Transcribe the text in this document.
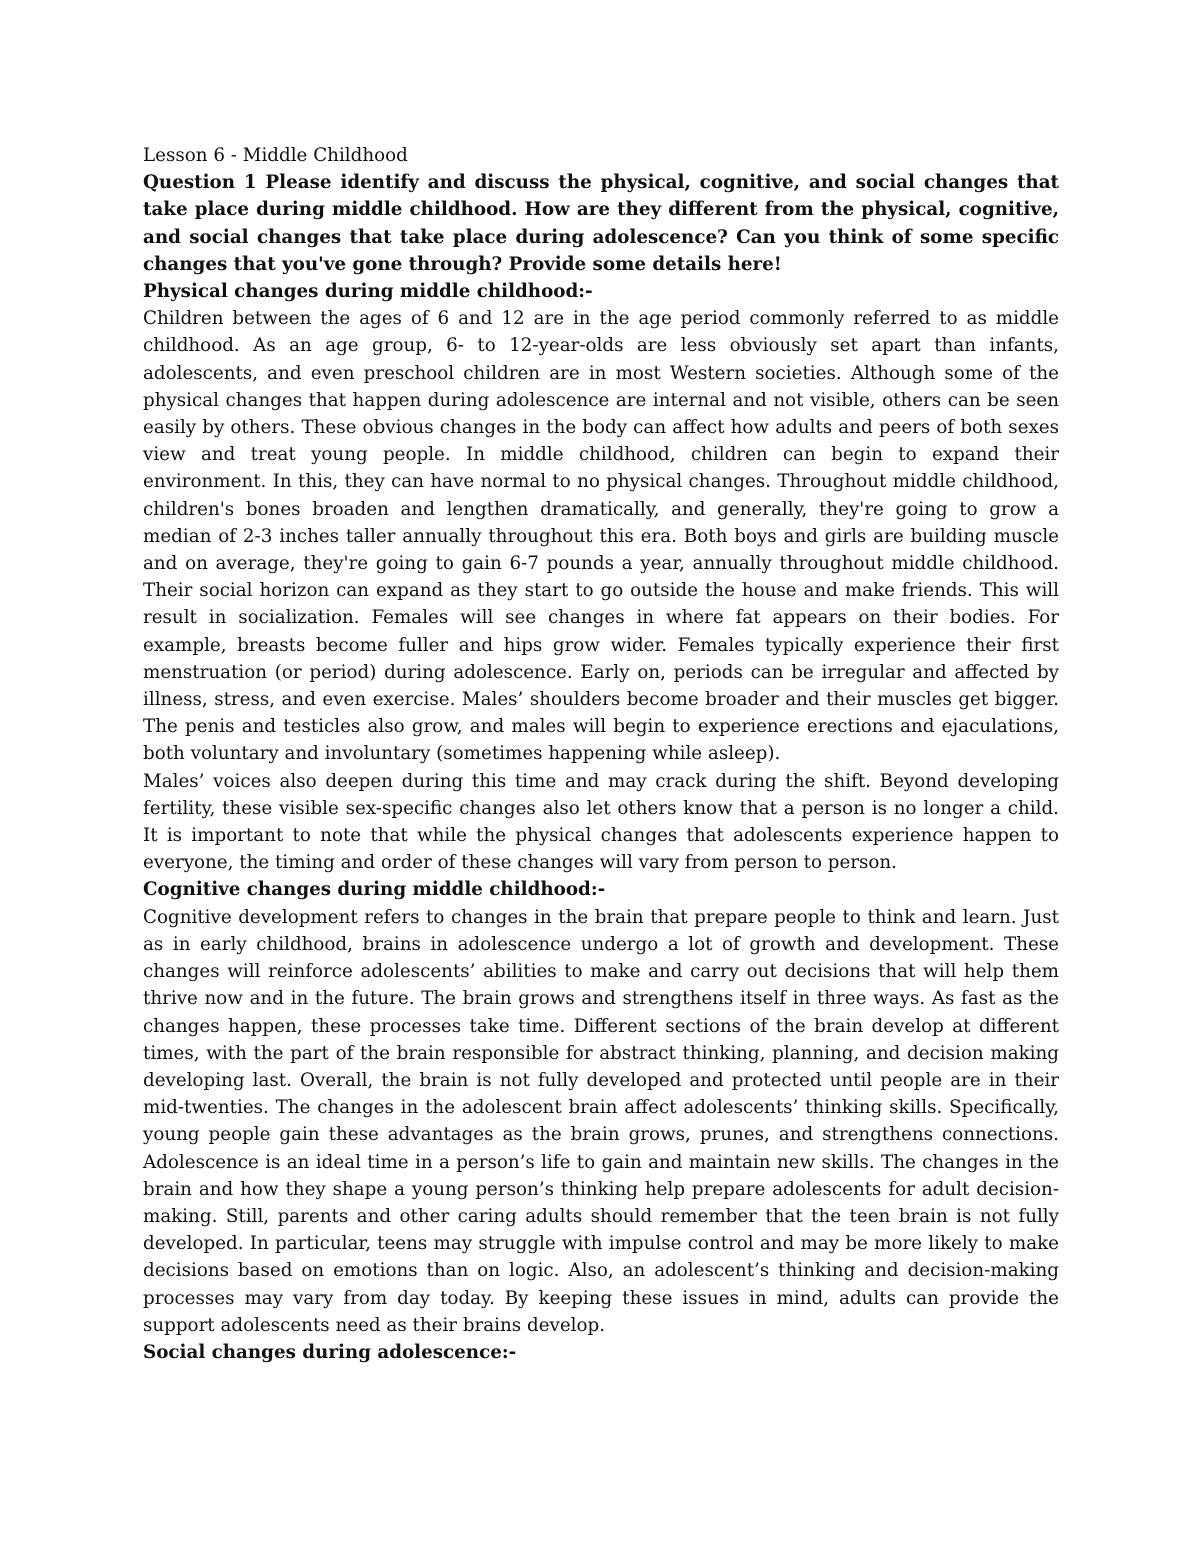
Lesson 6 - Middle Childhood

Question 1 Please identify and discuss the physical, cognitive, and social changes that take place during middle childhood. How are they different from the physical, cognitive, and social changes that take place during adolescence? Can you think of some specific changes that you've gone through? Provide some details here!

Physical changes during middle childhood:-

Children between the ages of 6 and 12 are in the age period commonly referred to as middle childhood. As an age group, 6- to 12-year-olds are less obviously set apart than infants, adolescents, and even preschool children are in most Western societies. Although some of the physical changes that happen during adolescence are internal and not visible, others can be seen easily by others. These obvious changes in the body can affect how adults and peers of both sexes view and treat young people. In middle childhood, children can begin to expand their environment. In this, they can have normal to no physical changes. Throughout middle childhood, children's bones broaden and lengthen dramatically, and generally, they're going to grow a median of 2-3 inches taller annually throughout this era. Both boys and girls are building muscle and on average, they're going to gain 6-7 pounds a year, annually throughout middle childhood. Their social horizon can expand as they start to go outside the house and make friends. This will result in socialization. Females will see changes in where fat appears on their bodies. For example, breasts become fuller and hips grow wider. Females typically experience their first menstruation (or period) during adolescence. Early on, periods can be irregular and affected by illness, stress, and even exercise. Males’ shoulders become broader and their muscles get bigger. The penis and testicles also grow, and males will begin to experience erections and ejaculations, both voluntary and involuntary (sometimes happening while asleep).

Males’ voices also deepen during this time and may crack during the shift. Beyond developing fertility, these visible sex-specific changes also let others know that a person is no longer a child. It is important to note that while the physical changes that adolescents experience happen to everyone, the timing and order of these changes will vary from person to person.

Cognitive changes during middle childhood:-

Cognitive development refers to changes in the brain that prepare people to think and learn. Just as in early childhood, brains in adolescence undergo a lot of growth and development. These changes will reinforce adolescents’ abilities to make and carry out decisions that will help them thrive now and in the future. The brain grows and strengthens itself in three ways. As fast as the changes happen, these processes take time. Different sections of the brain develop at different times, with the part of the brain responsible for abstract thinking, planning, and decision making developing last. Overall, the brain is not fully developed and protected until people are in their mid-twenties. The changes in the adolescent brain affect adolescents’ thinking skills. Specifically, young people gain these advantages as the brain grows, prunes, and strengthens connections. Adolescence is an ideal time in a person’s life to gain and maintain new skills. The changes in the brain and how they shape a young person’s thinking help prepare adolescents for adult decision-making. Still, parents and other caring adults should remember that the teen brain is not fully developed. In particular, teens may struggle with impulse control and may be more likely to make decisions based on emotions than on logic. Also, an adolescent’s thinking and decision-making processes may vary from day today. By keeping these issues in mind, adults can provide the support adolescents need as their brains develop.

Social changes during adolescence:-
